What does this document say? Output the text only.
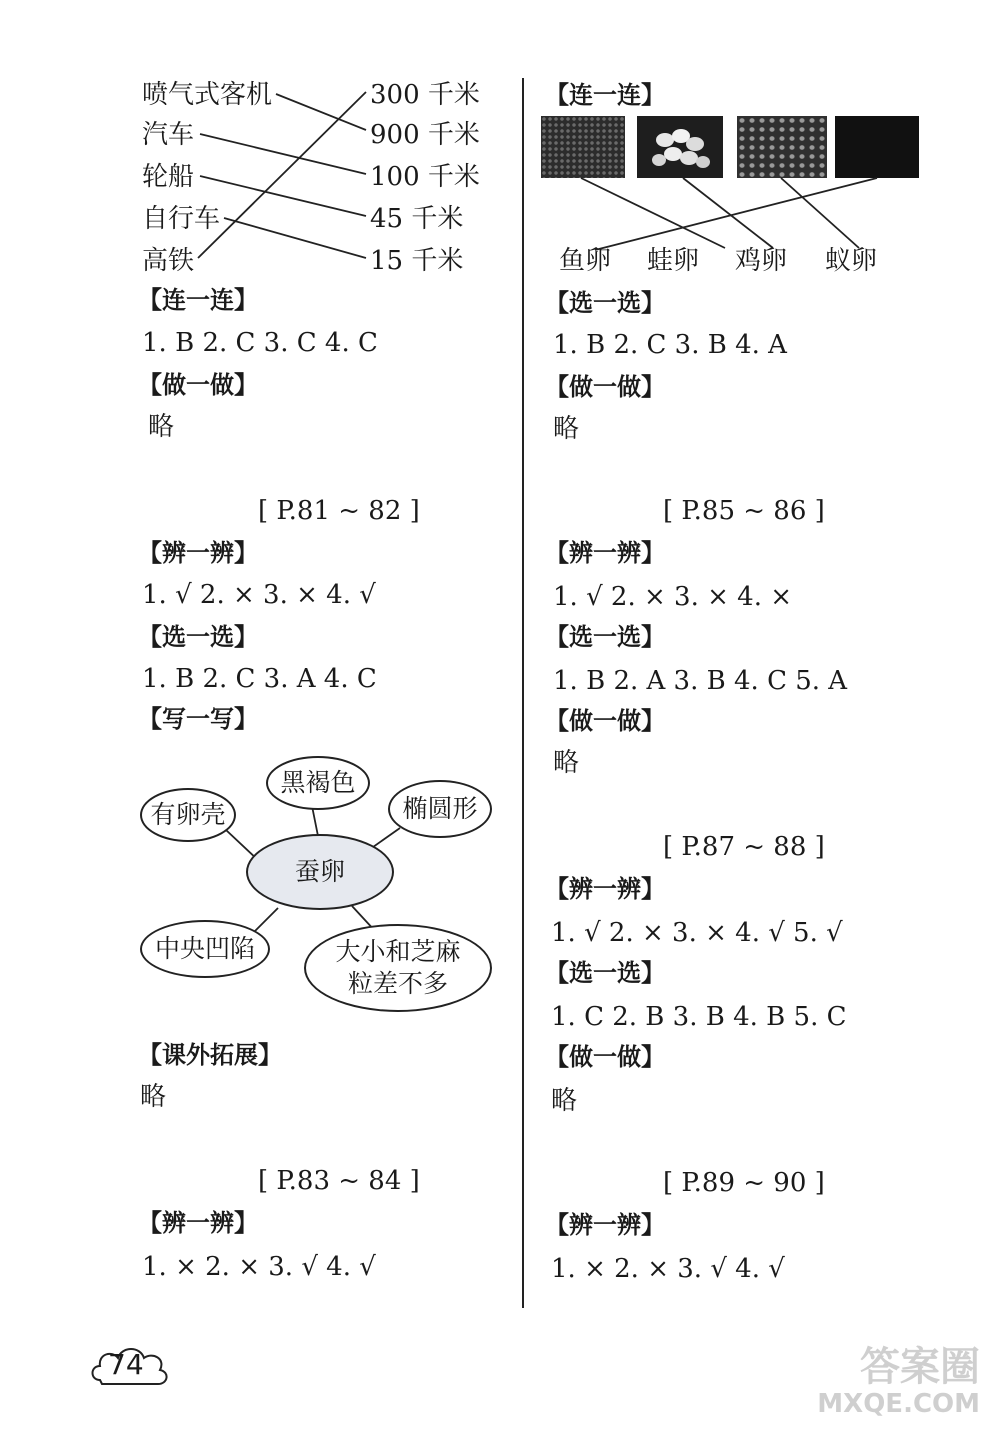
喷气式客机
汽车
轮船
自行车
高铁
300 千米
900 千米
100 千米
45 千米
15 千米
【连一连】
1. B 2. C 3. C 4. C
【做一做】
略
[ P.81 ~ 82 ]
【辨一辨】
1. √ 2. × 3. × 4. √
【选一选】
1. B 2. C 3. A 4. C
【写一写】
黑褐色
有卵壳	椭圆形
蚕卵
中央凹陷	大小和芝麻
粒差不多
【课外拓展】
略
[ P.83 ~ 84 ]
【辨一辨】
1. × 2. × 3. √ 4. √
【连一连】
鱼卵 蛙卵 鸡卵 蚁卵
【选一选】
1. B 2. C 3. B 4. A
【做一做】
略
[ P.85 ~ 86 ]
【辨一辨】
1. √ 2. × 3. × 4. ×
【选一选】
1. B 2. A 3. B 4. C 5. A
【做一做】
略
[ P.87 ~ 88 ]
【辨一辨】
1. √ 2. × 3. × 4. √ 5. √
【选一选】
1. C 2. B 3. B 4. B 5. C
【做一做】
略
[ P.89 ~ 90 ]
【辨一辨】
1. × 2. × 3. √ 4. √
74	答案圈
MXQE.COM
